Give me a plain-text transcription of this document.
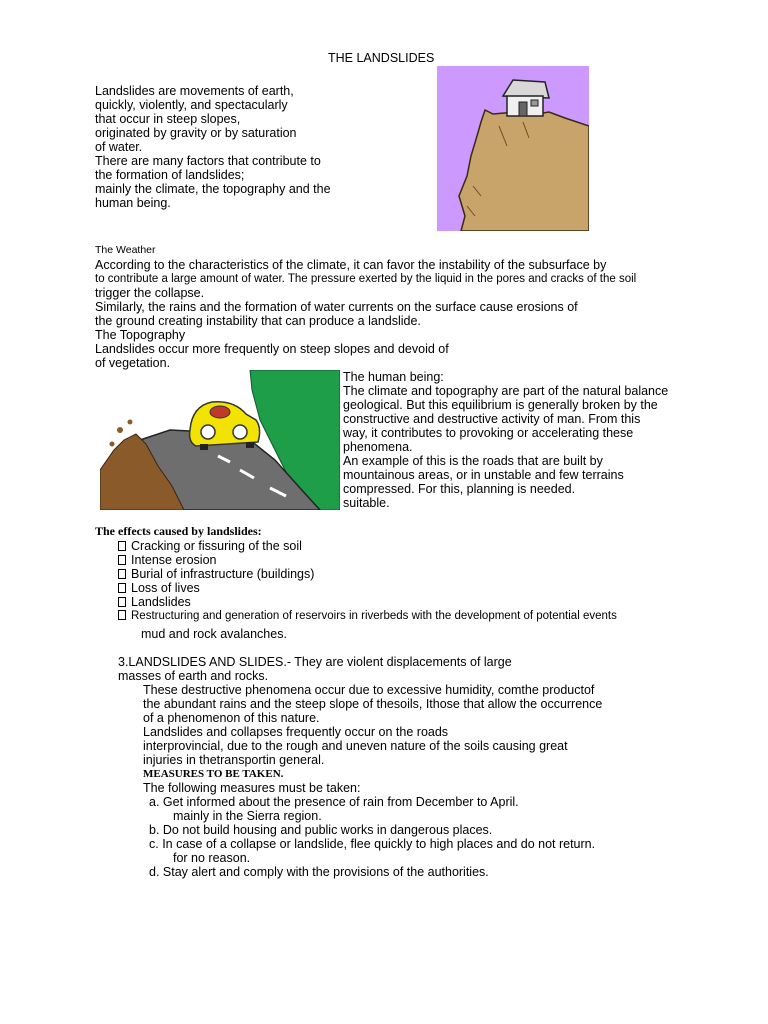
THE LANDSLIDES
Landslides are movements of earth,
quickly, violently, and spectacularly
that occur in steep slopes,
originated by gravity or by saturation
of water.
There are many factors that contribute to
the formation of landslides;
mainly the climate, the topography and the
human being.
The Weather
According to the characteristics of the climate, it can favor the instability of the subsurface by
to contribute a large amount of water. The pressure exerted by the liquid in the pores and cracks of the soil
trigger the collapse.
Similarly, the rains and the formation of water currents on the surface cause erosions of
the ground creating instability that can produce a landslide.
The Topography
Landslides occur more frequently on steep slopes and devoid of
of vegetation.
The human being:
The climate and topography are part of the natural balance
geological. But this equilibrium is generally broken by the
constructive and destructive activity of man. From this
way, it contributes to provoking or accelerating these
phenomena.
An example of this is the roads that are built by
mountainous areas, or in unstable and few terrains
compressed. For this, planning is needed.
suitable.
The effects caused by landslides:
Cracking or fissuring of the soil
Intense erosion
Burial of infrastructure (buildings)
Loss of lives
Landslides
Restructuring and generation of reservoirs in riverbeds with the development of potential events
mud and rock avalanches.
3.LANDSLIDES AND SLIDES.- They are violent displacements of large
masses of earth and rocks.
These destructive phenomena occur due to excessive humidity, comthe productof
the abundant rains and the steep slope of thesoils, Ithose that allow the occurrence
of a phenomenon of this nature.
Landslides and collapses frequently occur on the roads
interprovincial, due to the rough and uneven nature of the soils causing great
injuries in thetransportin general.
MEASURES TO BE TAKEN.
The following measures must be taken:
a. Get informed about the presence of rain from December to April.
mainly in the Sierra region.
b. Do not build housing and public works in dangerous places.
c. In case of a collapse or landslide, flee quickly to high places and do not return.
for no reason.
d. Stay alert and comply with the provisions of the authorities.
